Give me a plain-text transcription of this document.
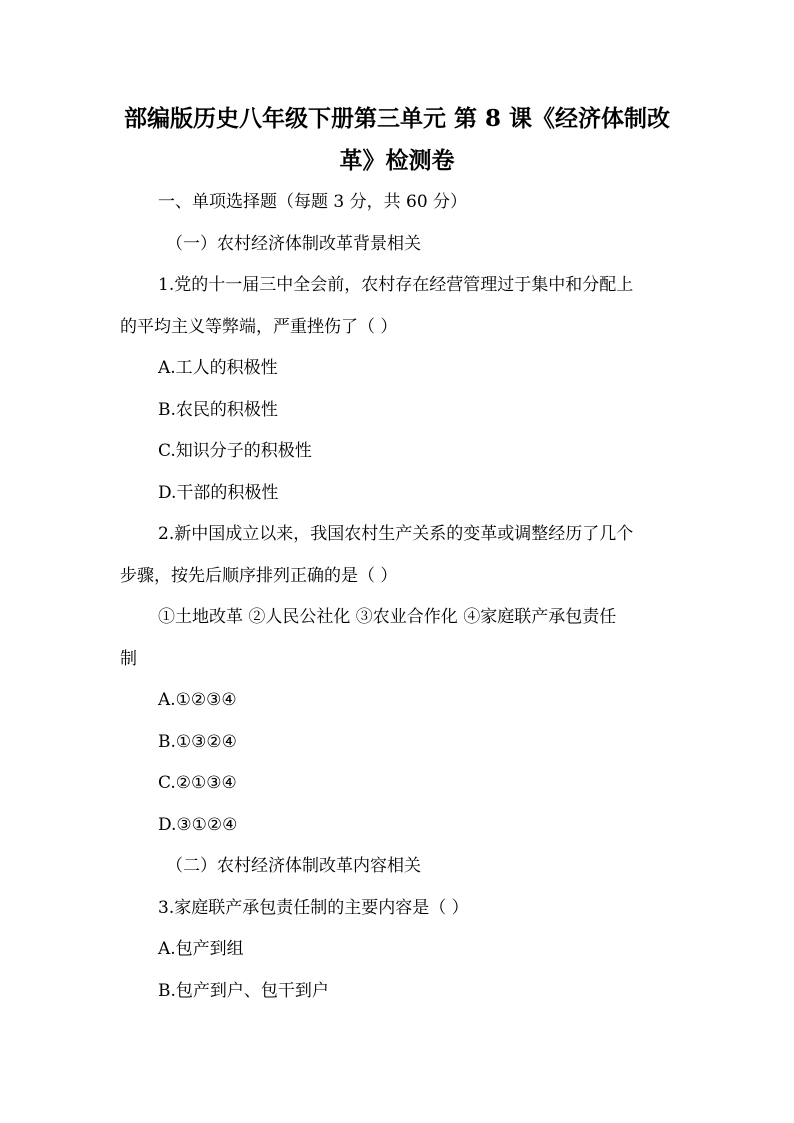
部编版历史八年级下册第三单元 第 8 课《经济体制改
革》检测卷
一、单项选择题（每题 3 分，共 60 分）
（一）农村经济体制改革背景相关
1.党的十一届三中全会前，农村存在经营管理过于集中和分配上
的平均主义等弊端，严重挫伤了（ ）
A.工人的积极性
B.农民的积极性
C.知识分子的积极性
D.干部的积极性
2.新中国成立以来，我国农村生产关系的变革或调整经历了几个
步骤，按先后顺序排列正确的是（ ）
①土地改革 ②人民公社化 ③农业合作化 ④家庭联产承包责任
制
A.①②③④
B.①③②④
C.②①③④
D.③①②④
（二）农村经济体制改革内容相关
3.家庭联产承包责任制的主要内容是（ ）
A.包产到组
B.包产到户、包干到户
